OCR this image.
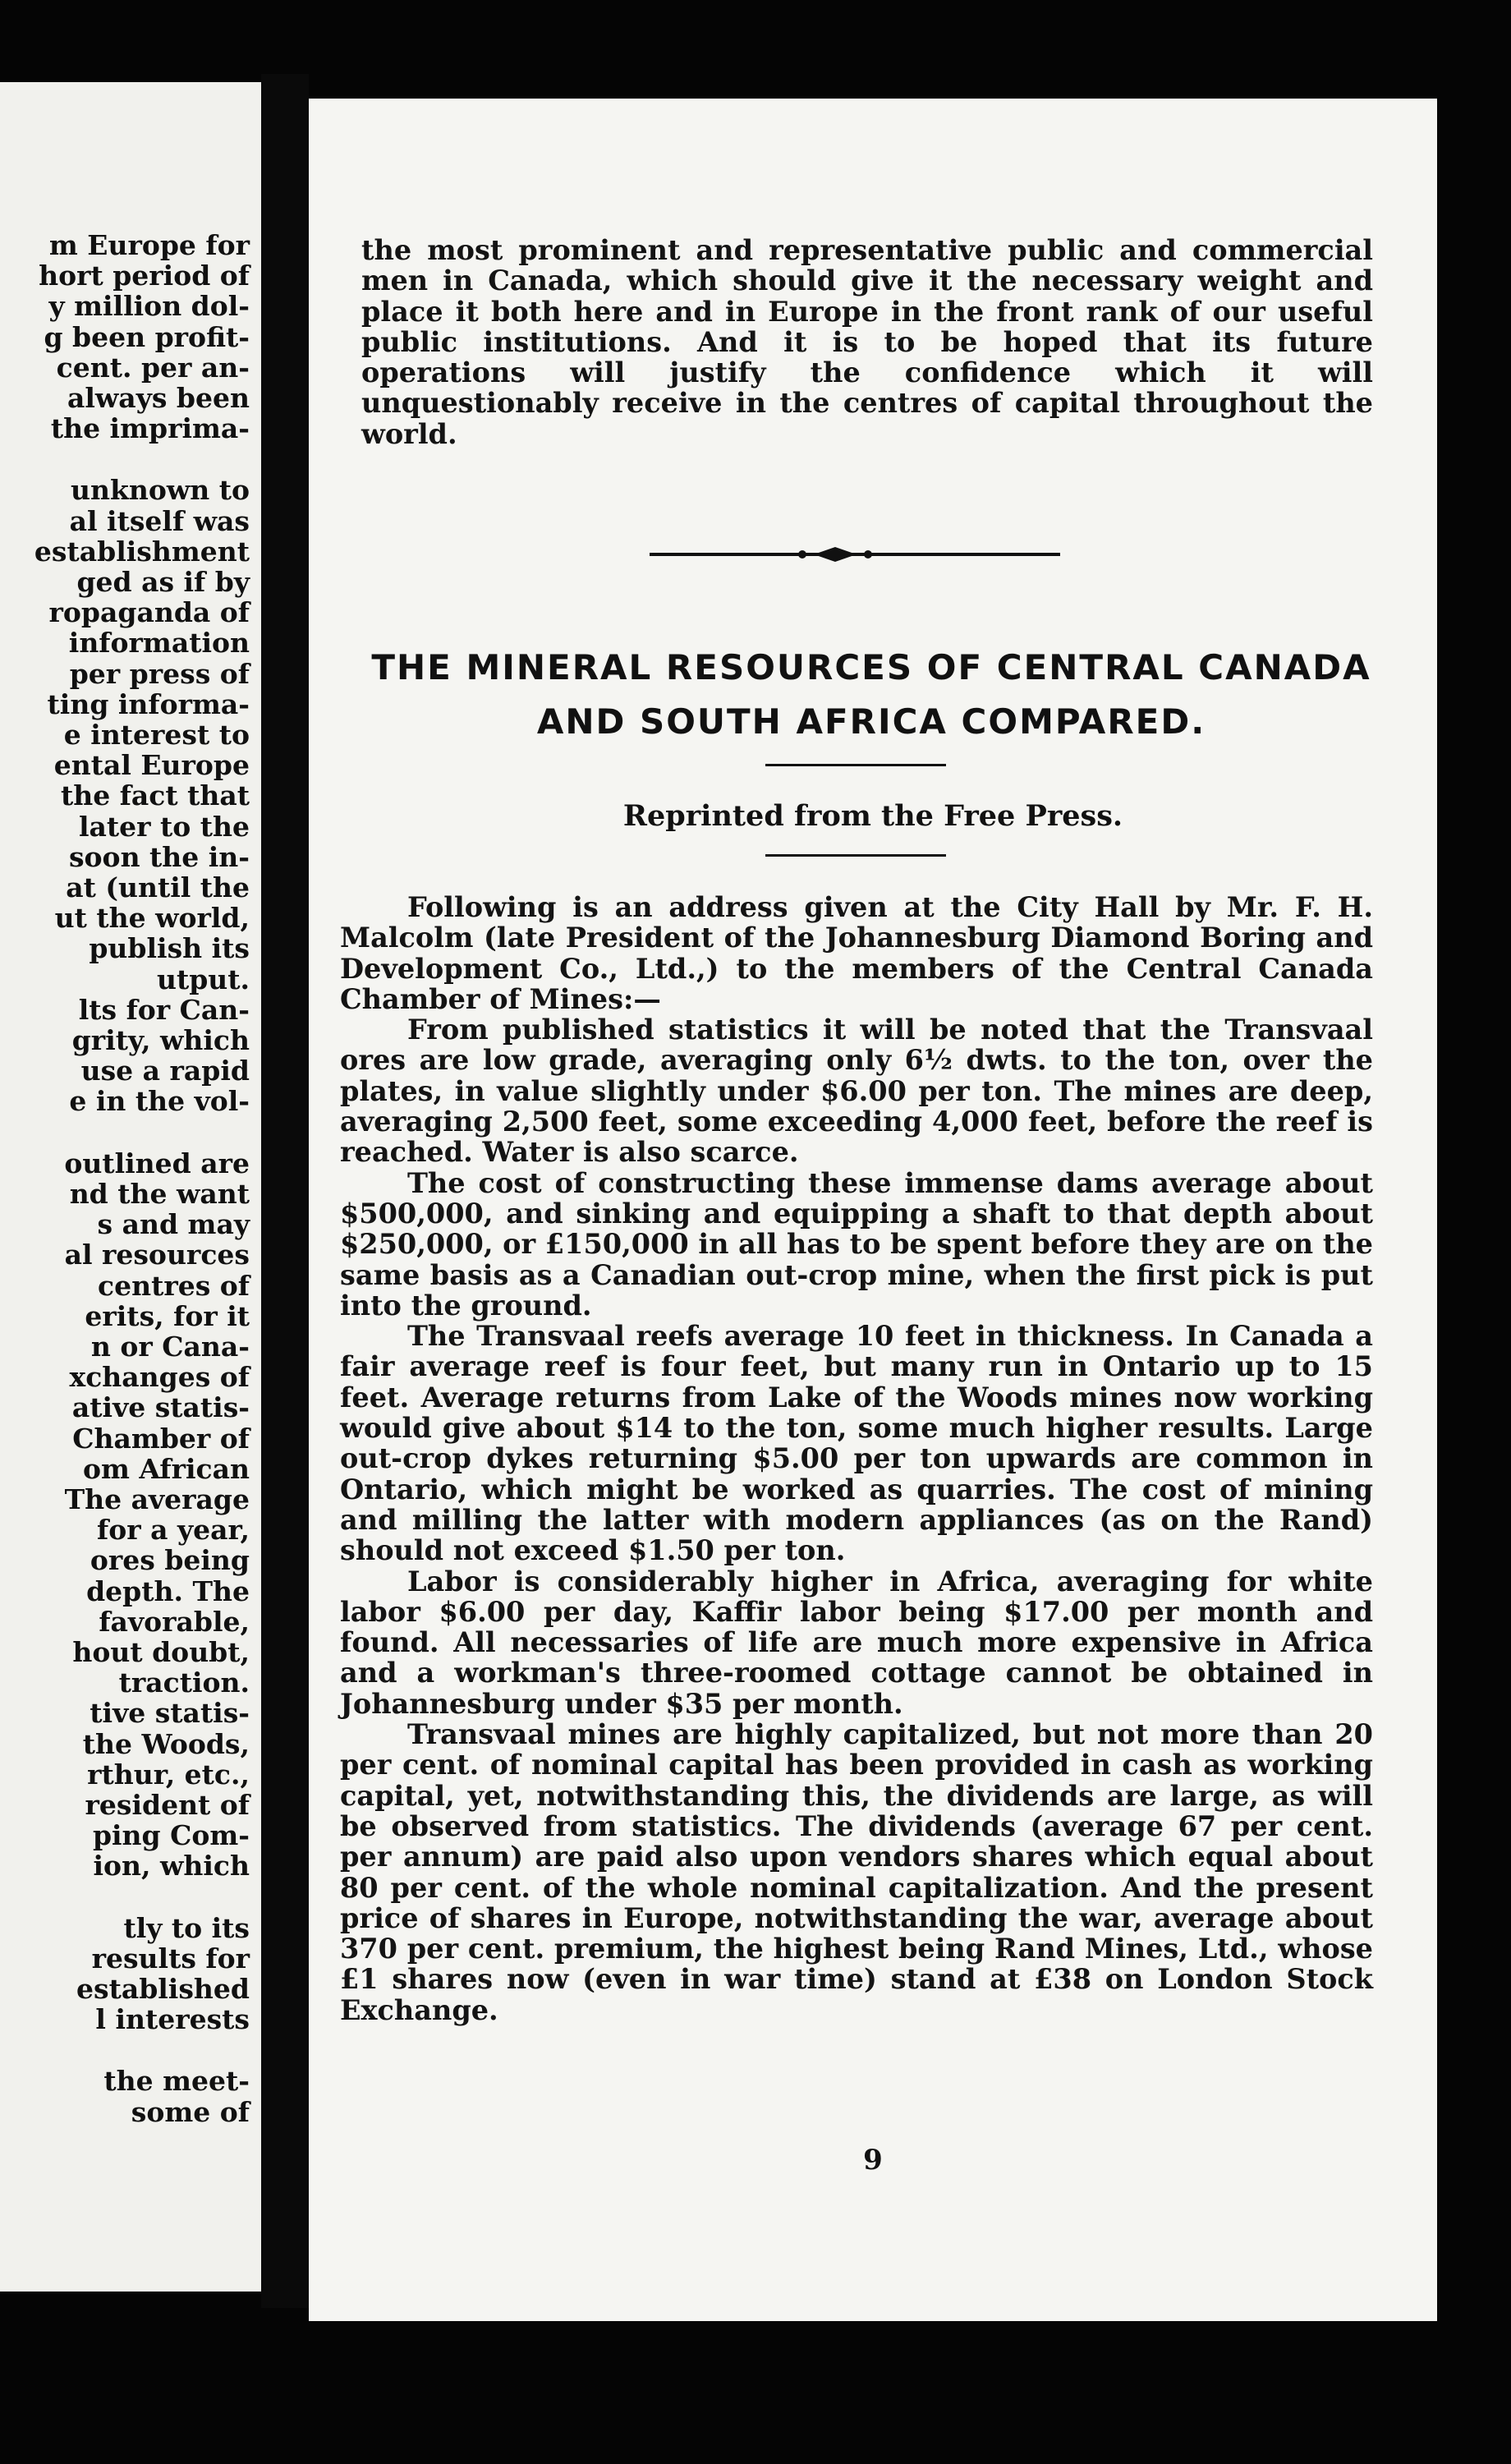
m Europe for
hort period of
y million dol-
g been profit-
cent. per an-
always been
the imprima-
unknown to
al itself was
establishment
ged as if by
ropaganda of
information
per press of
ting informa-
e interest to
ental Europe
the fact that
later to the
soon the in-
at (until the
ut the world,
publish its
utput.
lts for Can-
grity, which
use a rapid
e in the vol-
outlined are
nd the want
s and may
al resources
centres of
erits, for it
n or Cana-
xchanges of
ative statis-
Chamber of
om African
The average
for a year,
ores being
depth. The
favorable,
hout doubt,
traction.
tive statis-
the Woods,
rthur, etc.,
resident of
ping Com-
ion, which
tly to its
results for
established
l interests
the meet-
some of

the most prominent and representative public and commercial men in Canada, which should give it the necessary weight and place it both here and in Europe in the front rank of our useful public institutions. And it is to be hoped that its future operations will justify the confidence which it will unquestionably receive in the centres of capital throughout the world.

THE MINERAL RESOURCES OF CENTRAL CANADA
AND SOUTH AFRICA COMPARED.
Reprinted from the Free Press.

Following is an address given at the City Hall by Mr. F. H. Malcolm (late President of the Johannesburg Diamond Boring and Development Co., Ltd.,) to the members of the Central Canada Chamber of Mines:—

From published statistics it will be noted that the Transvaal ores are low grade, averaging only 6½ dwts. to the ton, over the plates, in value slightly under $6.00 per ton. The mines are deep, averaging 2,500 feet, some exceeding 4,000 feet, before the reef is reached. Water is also scarce.

The cost of constructing these immense dams average about $500,000, and sinking and equipping a shaft to that depth about $250,000, or £150,000 in all has to be spent before they are on the same basis as a Canadian out-crop mine, when the first pick is put into the ground.

The Transvaal reefs average 10 feet in thickness. In Canada a fair average reef is four feet, but many run in Ontario up to 15 feet. Average returns from Lake of the Woods mines now working would give about $14 to the ton, some much higher results. Large out-crop dykes returning $5.00 per ton upwards are common in Ontario, which might be worked as quarries. The cost of mining and milling the latter with modern appliances (as on the Rand) should not exceed $1.50 per ton.

Labor is considerably higher in Africa, averaging for white labor $6.00 per day, Kaffir labor being $17.00 per month and found. All necessaries of life are much more expensive in Africa and a workman's three-roomed cottage cannot be obtained in Johannesburg under $35 per month.

Transvaal mines are highly capitalized, but not more than 20 per cent. of nominal capital has been provided in cash as working capital, yet, notwithstanding this, the dividends are large, as will be observed from statistics. The dividends (average 67 per cent. per annum) are paid also upon vendors shares which equal about 80 per cent. of the whole nominal capitalization. And the present price of shares in Europe, notwithstanding the war, average about 370 per cent. premium, the highest being Rand Mines, Ltd., whose £1 shares now (even in war time) stand at £38 on London Stock Exchange.

9
